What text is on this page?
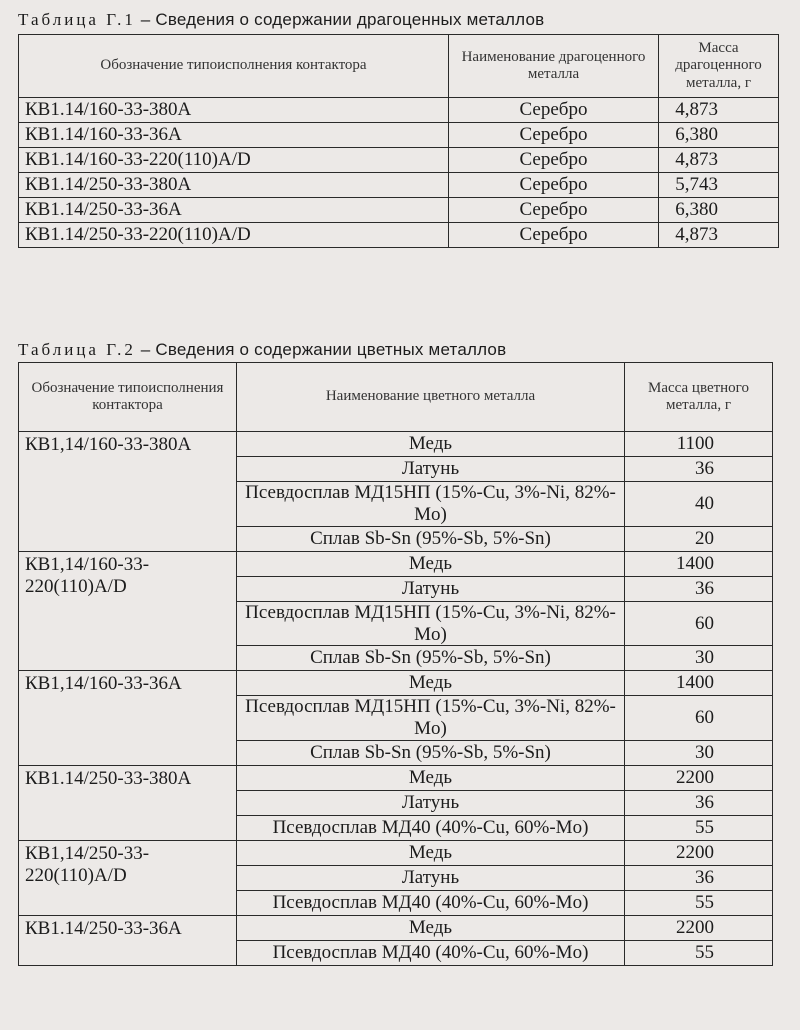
Таблица Г.1 – Сведения о содержании драгоценных металлов
Обозначение типоисполнения контактора	Наименование драгоценного металла	Масса драгоценного металла, г
КВ1.14/160-33-380А	Серебро	4,873
КВ1.14/160-33-36А	Серебро	6,380
КВ1.14/160-33-220(110)А/D	Серебро	4,873
КВ1.14/250-33-380А	Серебро	5,743
КВ1.14/250-33-36А	Серебро	6,380
КВ1.14/250-33-220(110)А/D	Серебро	4,873
Таблица Г.2 – Сведения о содержании цветных металлов
Обозначение типоисполнения контактора	Наименование цветного металла	Масса цветного металла, г
КВ1,14/160-33-380А	Медь	1100
	Латунь	36
	Псевдосплав МД15НП (15%-Cu, 3%-Ni, 82%-Mo)	40
	Сплав Sb-Sn (95%-Sb, 5%-Sn)	20
КВ1,14/160-33-220(110)А/D	Медь	1400
	Латунь	36
	Псевдосплав МД15НП (15%-Cu, 3%-Ni, 82%-Mo)	60
	Сплав Sb-Sn (95%-Sb, 5%-Sn)	30
КВ1,14/160-33-36А	Медь	1400
	Псевдосплав МД15НП (15%-Cu, 3%-Ni, 82%-Mo)	60
	Сплав Sb-Sn (95%-Sb, 5%-Sn)	30
КВ1.14/250-33-380А	Медь	2200
	Латунь	36
	Псевдосплав МД40 (40%-Cu, 60%-Mo)	55
КВ1,14/250-33-220(110)А/D	Медь	2200
	Латунь	36
	Псевдосплав МД40 (40%-Cu, 60%-Mo)	55
КВ1.14/250-33-36А	Медь	2200
	Псевдосплав МД40 (40%-Cu, 60%-Mo)	55
